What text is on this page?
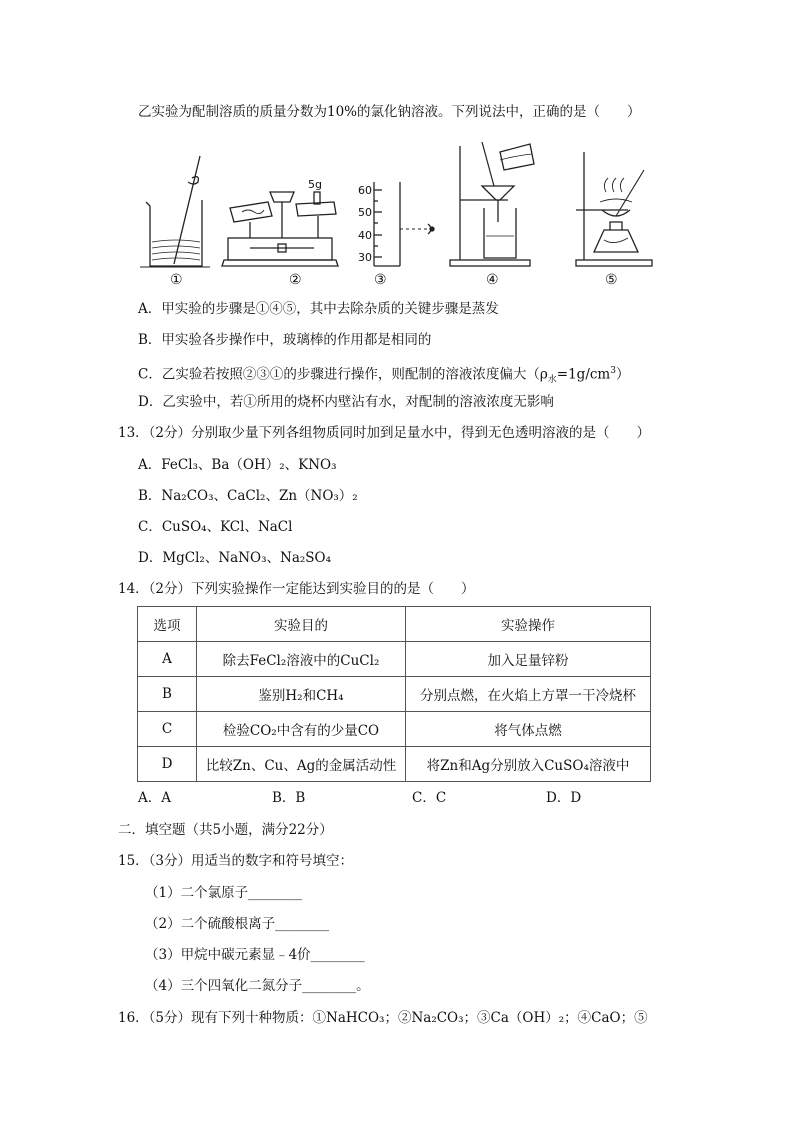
乙实验为配制溶质的质量分数为10%的氯化钠溶液。下列说法中，正确的是（　　）
5g	60
50
40
30
①	②	③	④	⑤
A．甲实验的步骤是①④⑤，其中去除杂质的关键步骤是蒸发
B．甲实验各步操作中，玻璃棒的作用都是相同的
C．乙实验若按照②③①的步骤进行操作，则配制的溶液浓度偏大$(\rho_水=1g/cm^3)$
D．乙实验中，若①所用的烧杯内壁沾有水，对配制的溶液浓度无影响
13．（2分）分别取少量下列各组物质同时加到足量水中，得到无色透明溶液的是（　　）
A．FeCl₃、Ba（OH）₂、KNO₃
B．Na₂CO₃、CaCl₂、Zn（NO₃）₂
C．CuSO₄、KCl、NaCl
D．MgCl₂、NaNO₃、Na₂SO₄
14．（2分）下列实验操作一定能达到实验目的的是（　　）
选项	实验目的	实验操作
A	除去FeCl₂溶液中的CuCl₂	加入足量锌粉
B	鉴别H₂和CH₄	分别点燃，在火焰上方罩一干冷烧杯
C	检验CO₂中含有的少量CO	将气体点燃
D	比较Zn、Cu、Ag的金属活动性	将Zn和Ag分别放入CuSO₄溶液中
A．A	B．B	C．C	D．D
二．填空题（共5小题，满分22分）
15．（3分）用适当的数字和符号填空：
（1）二个氯原子________
（2）二个硫酸根离子________
（3）甲烷中碳元素显﹣4价________
（4）三个四氧化二氮分子________。
16．（5分）现有下列十种物质：①NaHCO₃；②Na₂CO₃；③Ca（OH）₂；④CaO；⑤
